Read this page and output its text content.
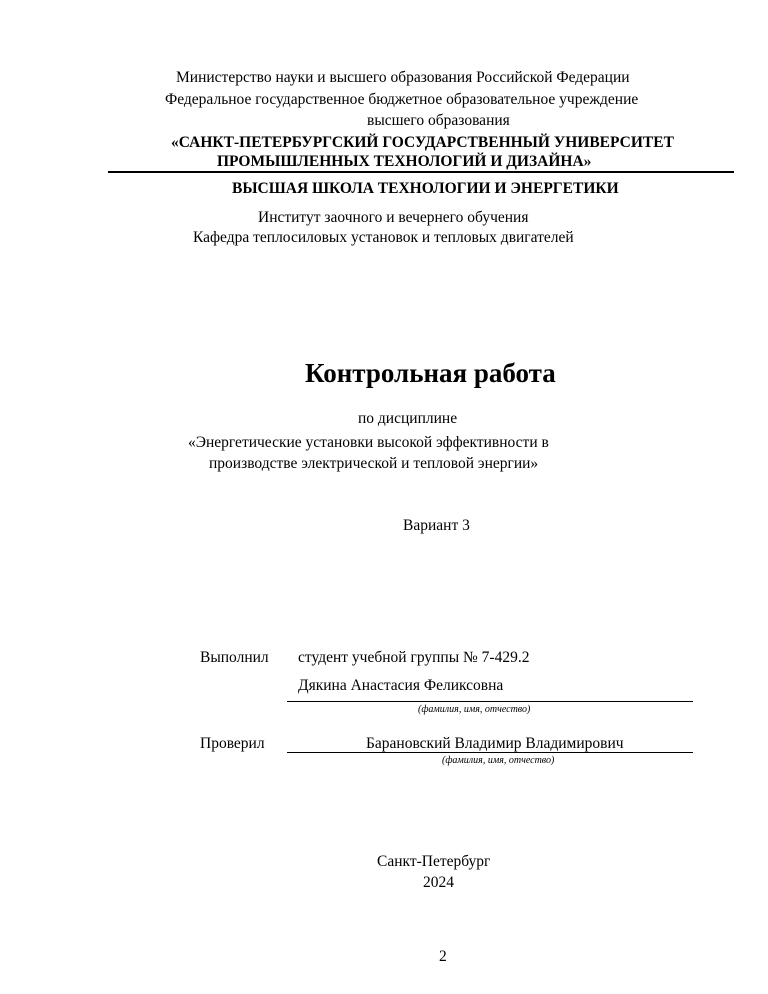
Министерство науки и высшего образования Российской Федерации
Федеральное государственное бюджетное образовательное учреждение
высшего образования
«САНКТ-ПЕТЕРБУРГСКИЙ ГОСУДАРСТВЕННЫЙ УНИВЕРСИТЕТ
ПРОМЫШЛЕННЫХ ТЕХНОЛОГИЙ И ДИЗАЙНА»
ВЫСШАЯ ШКОЛА ТЕХНОЛОГИИ И ЭНЕРГЕТИКИ
Институт заочного и вечернего обучения
Кафедра теплосиловых установок и тепловых двигателей
Контрольная работа
по дисциплине
«Энергетические установки высокой эффективности в
производстве электрической и тепловой энергии»
Вариант 3
Выполнил студент учебной группы № 7-429.2
Дякина Анастасия Феликсовна
(фамилия, имя, отчество)
Проверил	Барановский Владимир Владимирович
(фамилия, имя, отчество)
Санкт-Петербург
2024
2
